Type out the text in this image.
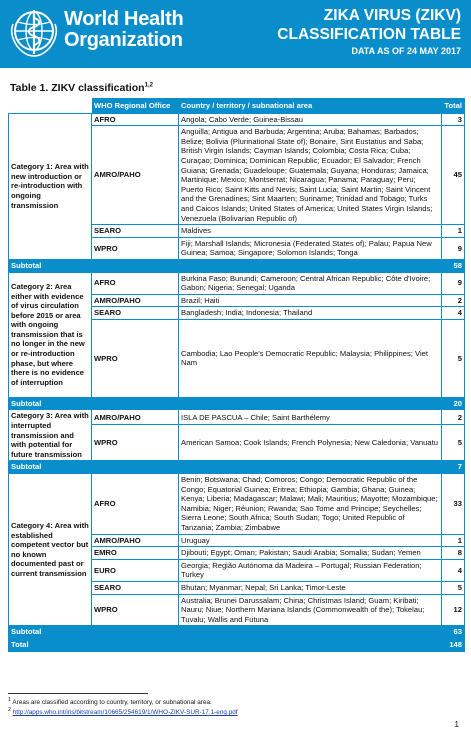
World Health
Organization
ZIKA VIRUS (ZIKV)
CLASSIFICATION TABLE
DATA AS OF 24 MAY 2017
Table 1. ZIKV classification$^{1,2}$
	WHO Regional Office	Country / territory / subnational area	Total
Category 1: Area with new introduction or re-introduction with ongoing transmission	AFRO	Angola; Cabo Verde; Guinea-Bissau	3
	AMRO/PAHO	Anguilla; Antigua and Barbuda; Argentina; Aruba; Bahamas; Barbados; Belize; Bolivia (Plurinational State of); Bonaire, Sint Eustatius and Saba; British Virgin Islands; Cayman Islands; Colombia; Costa Rica; Cuba; Curaçao; Dominica; Dominican Republic; Ecuador; El Salvador; French Guiana; Grenada; Guadeloupe; Guatemala; Guyana; Honduras; Jamaica; Martinique; Mexico; Montserrat; Nicaragua; Panama; Paraguay; Peru; Puerto Rico; Saint Kitts and Nevis; Saint Lucia; Saint Martin; Saint Vincent and the Grenadines; Sint Maarten; Suriname; Trinidad and Tobago; Turks and Caicos Islands; United States of America; United States Virgin Islands; Venezuela (Bolivarian Republic of)	45
	SEARO	Maldives	1
	WPRO	Fiji; Marshall Islands; Micronesia (Federated States of); Palau; Papua New Guinea; Samoa; Singapore; Solomon Islands; Tonga	9
Subtotal			58
Category 2: Area either with evidence of virus circulation before 2015 or area with ongoing transmission that is no longer in the new or re-introduction phase, but where there is no evidence of interruption	AFRO	Burkina Faso; Burundi; Cameroon; Central African Republic; Côte d'Ivoire; Gabon; Nigeria; Senegal; Uganda	9
	AMRO/PAHO	Brazil; Haiti	2
	SEARO	Bangladesh; India; Indonesia; Thailand	4
	WPRO	Cambodia; Lao People's Democratic Republic; Malaysia; Philippines; Viet Nam	5
Subtotal			20
Category 3: Area with interrupted transmission and with potential for future transmission	AMRO/PAHO	ISLA DE PASCUA – Chile; Saint Barthélemy	2
	WPRO	American Samoa; Cook Islands; French Polynesia; New Caledonia; Vanuatu	5
Subtotal			7
Category 4: Area with established competent vector but no known documented past or current transmission	AFRO	Benin; Botswana; Chad; Comoros; Congo; Democratic Republic of the Congo; Equatorial Guinea; Eritrea; Ethiopia; Gambia; Ghana; Guinea; Kenya; Liberia; Madagascar; Malawi; Mali; Mauritius; Mayotte; Mozambique; Namibia; Niger; Réunion; Rwanda; Sao Tome and Principe; Seychelles; Sierra Leone; South Africa; South Sudan; Togo; United Republic of Tanzania; Zambia; Zimbabwe	33
	AMRO/PAHO	Uruguay	1
	EMRO	Djibouti; Egypt; Oman; Pakistan; Saudi Arabia; Somalia; Sudan; Yemen	8
	EURO	Georgia; Região Autónoma da Madeira – Portugal; Russian Federation; Turkey	4
	SEARO	Bhutan; Myanmar; Nepal; Sri Lanka; Timor-Leste	5
	WPRO	Australia; Brunei Darussalam; China; Christmas Island; Guam; Kiribati; Nauru; Niue; Northern Mariana Islands (Commonwealth of the); Tokelau; Tuvalu; Wallis and Futuna	12
Subtotal			63
Total			148
$^1$ Areas are classified according to country, territory, or subnational area.
$^2$ http://apps.who.int/iris/bitstream/10665/254619/1/WHO-ZIKV-SUR-17.1-eng.pdf
1
